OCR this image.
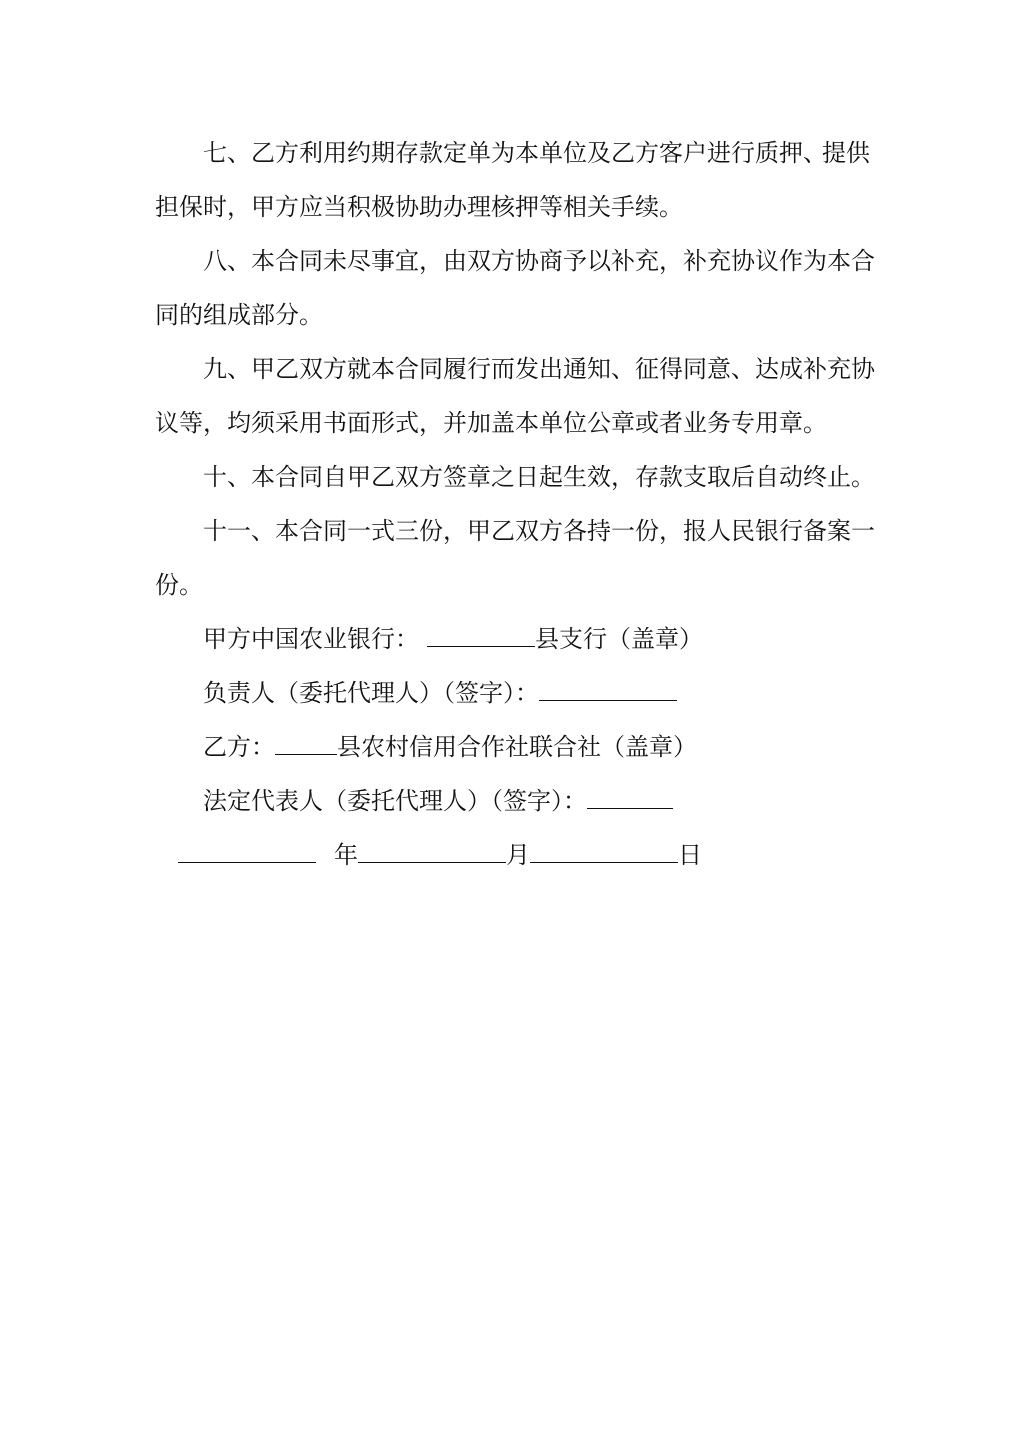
七、乙方利用约期存款定单为本单位及乙方客户进行质押、
提供
担保时，甲方应当积极协助办理核押等相关手续。
八、本合同未尽事宜，由双方协商予以补充，补充协议作为本合
同的组成部分。
九、甲乙双方就本合同履行而发出通知、征得同意、达成补充协
议等，均须采用书面形式，并加盖本单位公章或者业务专用章。
十、本合同自甲乙双方签章之日起生效，存款支取后自动终止。
十一、本合同一式三份，甲乙双方各持一份，报人民银行备案一
份。
甲方中国农业银行：	县支行（盖章）
负责人（委托代理人）（签字）：
乙方：	县农村信用合作社联合社（盖章）
法定代表人（委托代理人）（签字）：
年	月	日
